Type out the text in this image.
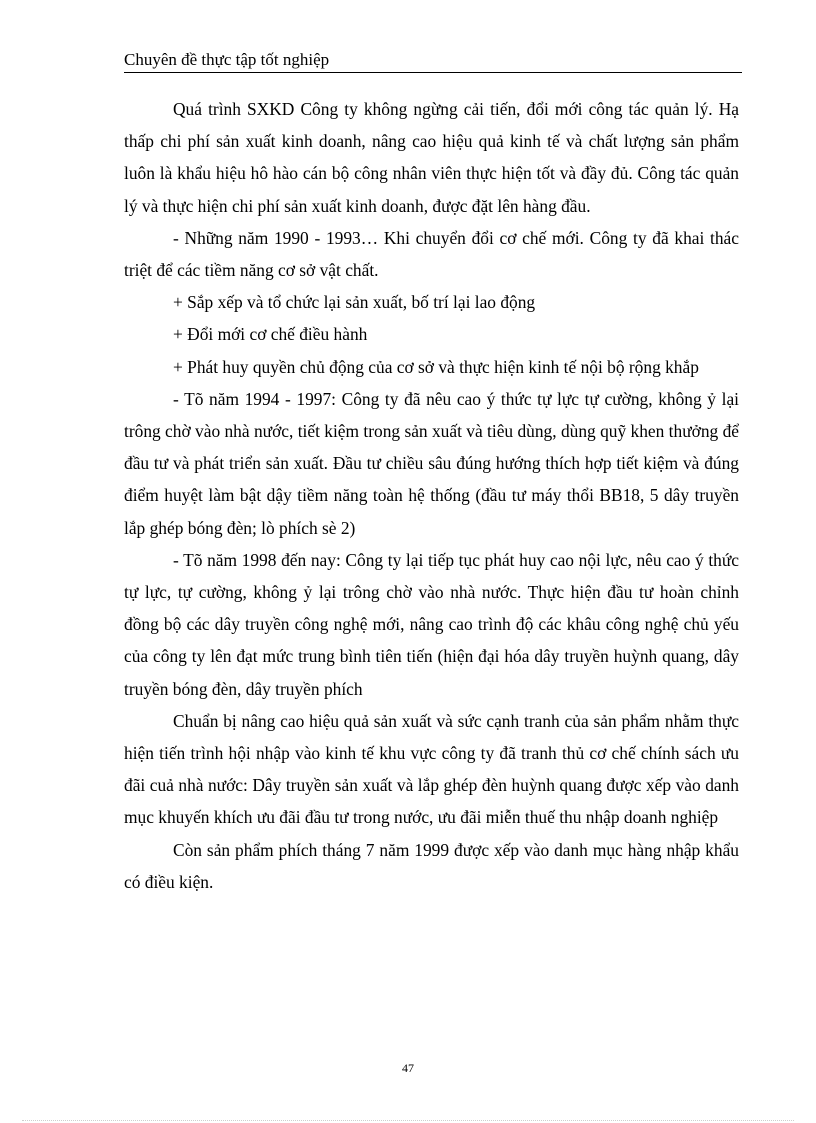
Chuyên đề thực tập tốt nghiệp

Quá trình SXKD Công ty không ngừng cải tiến, đổi mới công tác quản lý. Hạ thấp chi phí sản xuất kinh doanh, nâng cao hiệu quả kinh tế và chất lượng sản phẩm luôn là khẩu hiệu hô hào cán bộ công nhân viên thực hiện tốt và đầy đủ. Công tác quản lý và thực hiện chi phí sản xuất kinh doanh, được đặt lên hàng đầu.

- Những năm 1990 - 1993… Khi chuyển đổi cơ chế mới. Công ty đã khai thác triệt để các tiềm năng cơ sở vật chất.

+ Sắp xếp và tổ chức lại sản xuất, bố trí lại lao động

+ Đổi mới cơ chế điều hành

+ Phát huy quyền chủ động của cơ sở và thực hiện kinh tế nội bộ rộng khắp

- Tõ năm 1994 - 1997: Công ty đã nêu cao ý thức tự lực tự cường, không ỷ lại trông chờ vào nhà nước, tiết kiệm trong sản xuất và tiêu dùng, dùng quỹ khen thưởng để đầu tư và phát triển sản xuất. Đầu tư chiều sâu đúng hướng thích hợp tiết kiệm và đúng điểm huyệt làm bật dậy tiềm năng toàn hệ thống (đầu tư máy thổi BB18, 5 dây truyền lắp ghép bóng đèn; lò phích sè 2)

- Tõ năm 1998 đến nay: Công ty lại tiếp tục phát huy cao nội lực, nêu cao ý thức tự lực, tự cường, không ỷ lại trông chờ vào nhà nước. Thực hiện đầu tư hoàn chỉnh đồng bộ các dây truyền công nghệ mới, nâng cao trình độ các khâu công nghệ chủ yếu của công ty lên đạt mức trung bình tiên tiến (hiện đại hóa dây truyền huỳnh quang, dây truyền bóng đèn, dây truyền phích

Chuẩn bị nâng cao hiệu quả sản xuất và sức cạnh tranh của sản phẩm nhằm thực hiện tiến trình hội nhập vào kinh tế khu vực công ty đã tranh thủ cơ chế chính sách ưu đãi cuả nhà nước: Dây truyền sản xuất và lắp ghép đèn huỳnh quang được xếp vào danh mục khuyến khích ưu đãi đầu tư trong nước, ưu đãi miễn thuế thu nhập doanh nghiệp

Còn sản phẩm phích tháng 7 năm 1999 được xếp vào danh mục hàng nhập khẩu có điều kiện.

47
